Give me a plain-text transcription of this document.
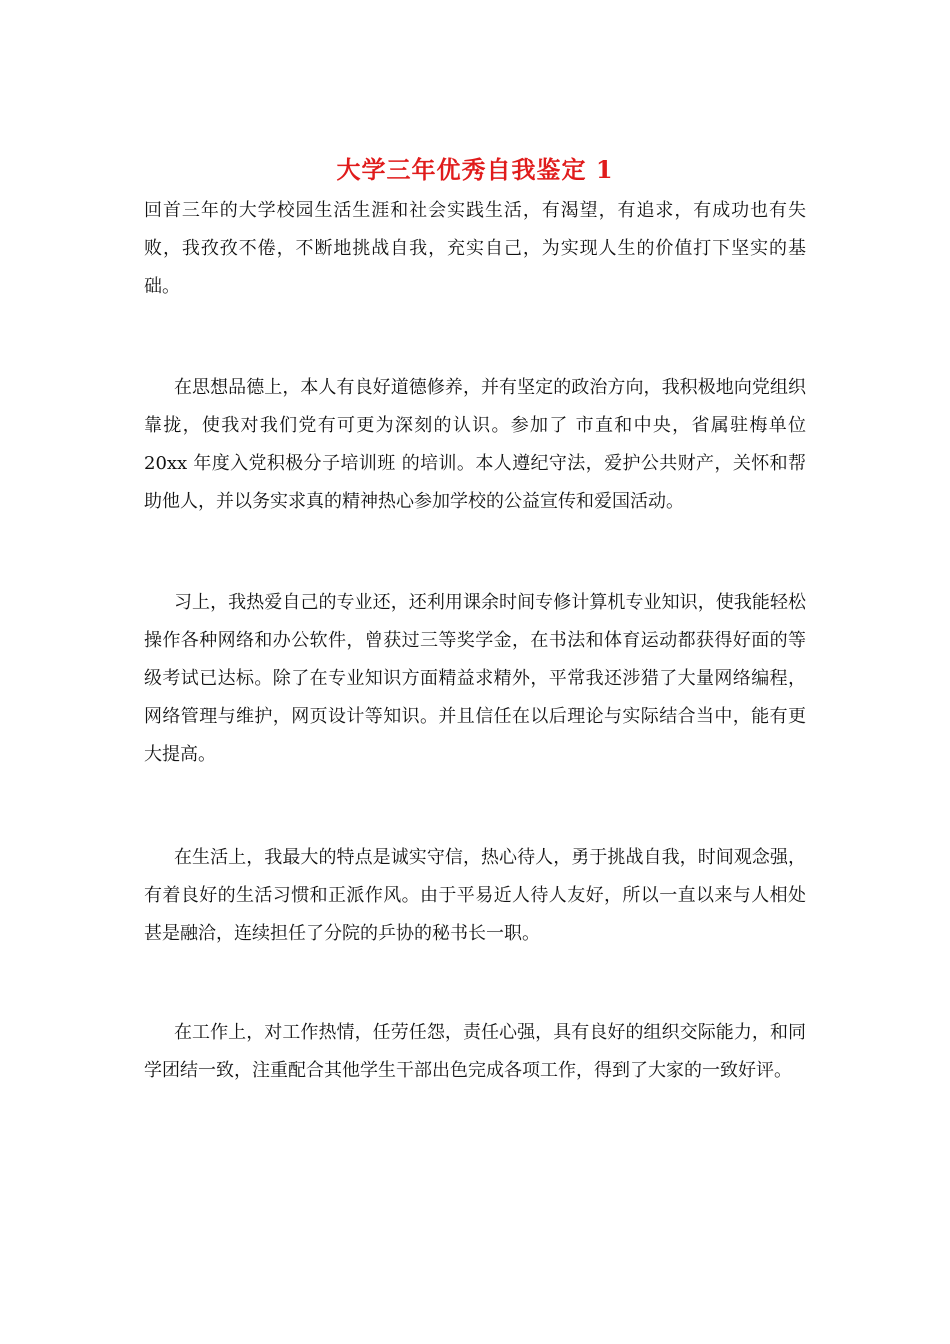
大学三年优秀自我鉴定 1

回首三年的大学校园生活生涯和社会实践生活，有渴望，有追求，有成功也有失败，我孜孜不倦，不断地挑战自我，充实自己，为实现人生的价值打下坚实的基础。

在思想品德上，本人有良好道德修养，并有坚定的政治方向，我积极地向党组织靠拢，使我对我们党有可更为深刻的认识。参加了 市直和中央，省属驻梅单位 20xx 年度入党积极分子培训班 的培训。本人遵纪守法，爱护公共财产，关怀和帮助他人，并以务实求真的精神热心参加学校的公益宣传和爱国活动。

习上，我热爱自己的专业还，还利用课余时间专修计算机专业知识，使我能轻松操作各种网络和办公软件，曾获过三等奖学金，在书法和体育运动都获得好面的等级考试已达标。除了在专业知识方面精益求精外，平常我还涉猎了大量网络编程，网络管理与维护，网页设计等知识。并且信任在以后理论与实际结合当中，能有更大提高。

在生活上，我最大的特点是诚实守信，热心待人，勇于挑战自我，时间观念强，有着良好的生活习惯和正派作风。由于平易近人待人友好，所以一直以来与人相处甚是融洽，连续担任了分院的乒协的秘书长一职。

在工作上，对工作热情，任劳任怨，责任心强，具有良好的组织交际能力，和同学团结一致，注重配合其他学生干部出色完成各项工作，得到了大家的一致好评。
